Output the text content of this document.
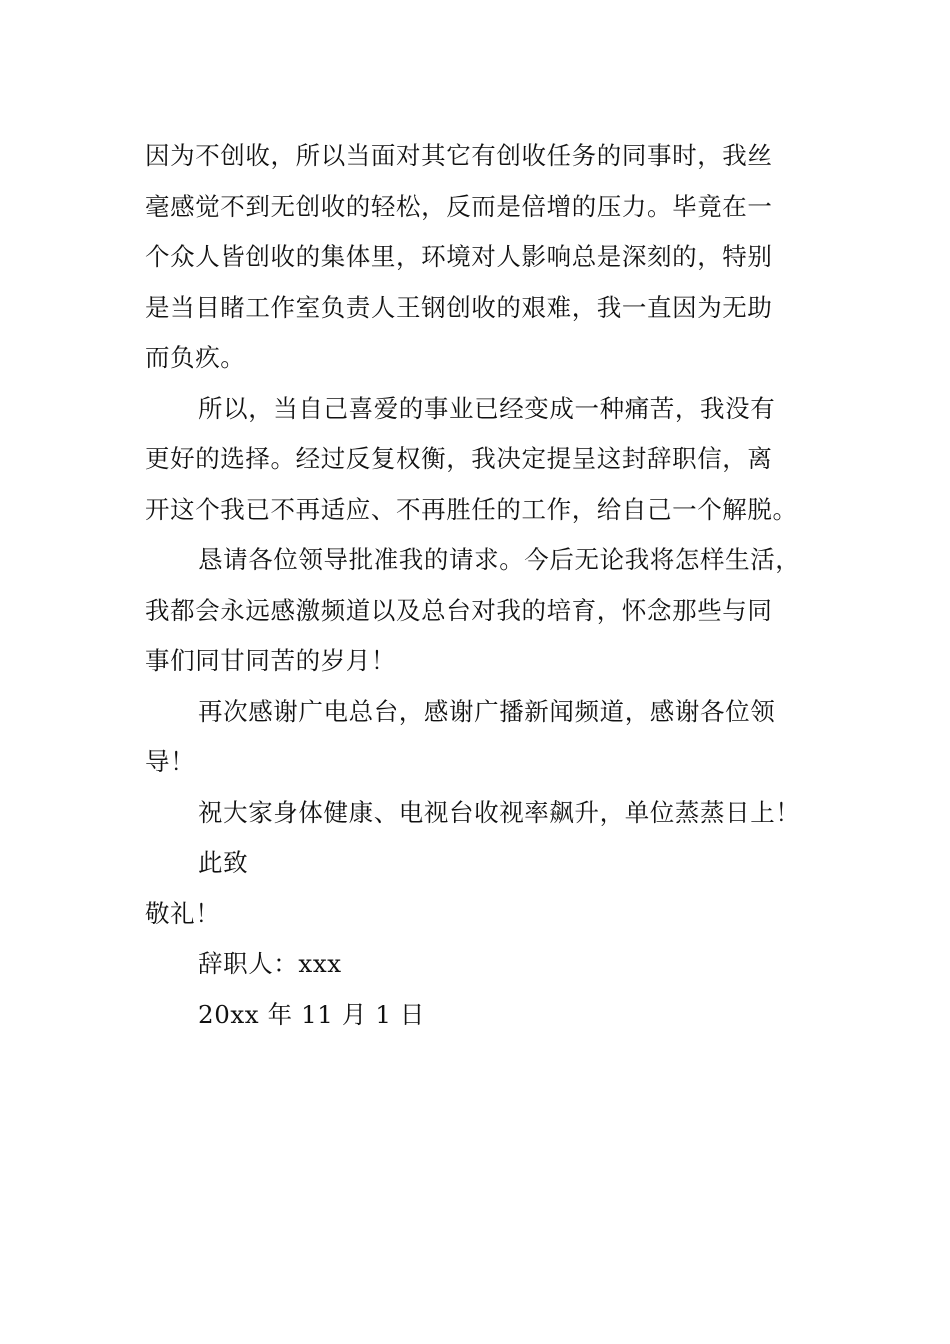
因为不创收，所以当面对其它有创收任务的同事时，我丝
毫感觉不到无创收的轻松，反而是倍增的压力。毕竟在一
个众人皆创收的集体里，环境对人影响总是深刻的，特别
是当目睹工作室负责人王钢创收的艰难，我一直因为无助
而负疚。
所以，当自己喜爱的事业已经变成一种痛苦，我没有
更好的选择。经过反复权衡，我决定提呈这封辞职信，离
开这个我已不再适应、不再胜任的工作，给自己一个解脱。
恳请各位领导批准我的请求。今后无论我将怎样生活，
我都会永远感激频道以及总台对我的培育，怀念那些与同
事们同甘同苦的岁月！
再次感谢广电总台，感谢广播新闻频道，感谢各位领
导！
祝大家身体健康、电视台收视率飙升，单位蒸蒸日上！
此致
敬礼！
辞职人：xxx
20xx 年 11 月 1 日
